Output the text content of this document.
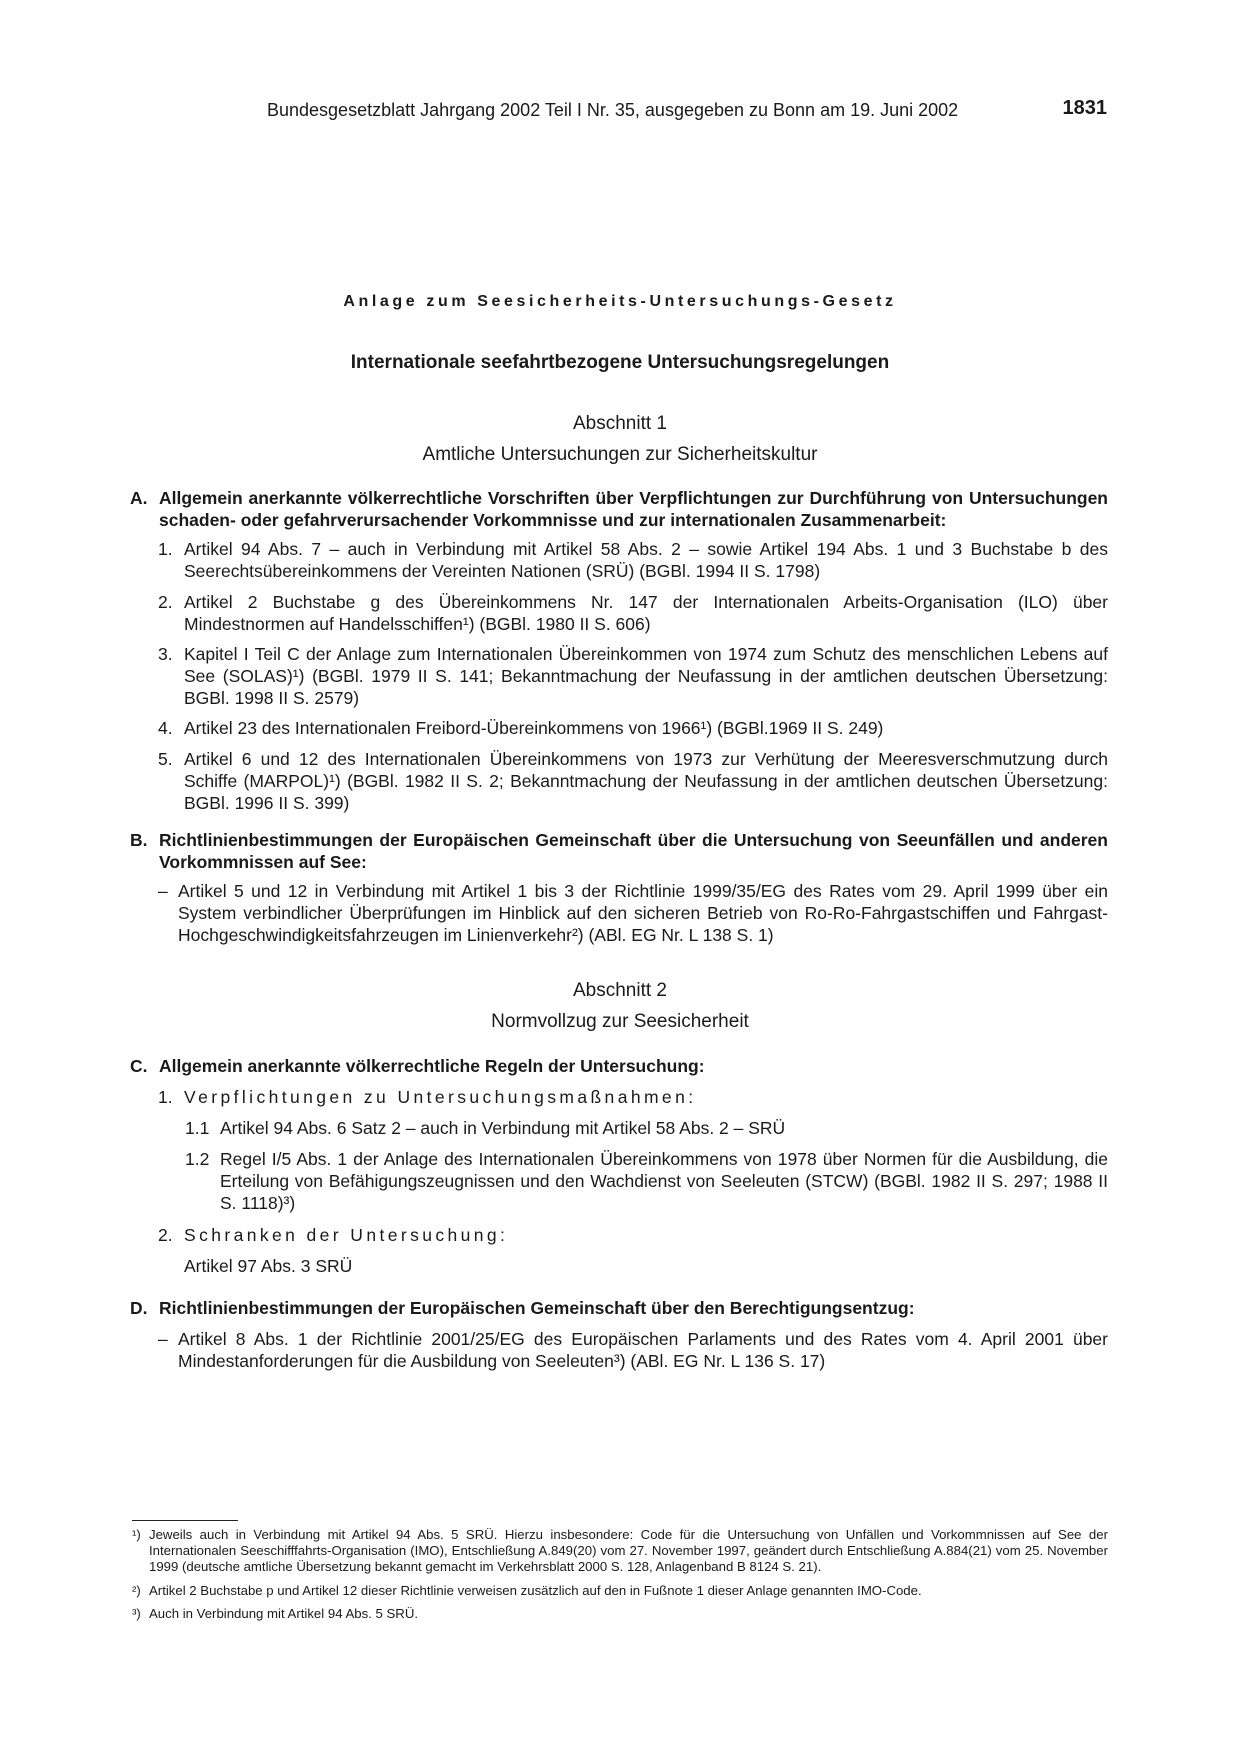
Bundesgesetzblatt Jahrgang 2002 Teil I Nr. 35, ausgegeben zu Bonn am 19. Juni 2002	1831
Anlage zum Seesicherheits-Untersuchungs-Gesetz
Internationale seefahrtbezogene Untersuchungsregelungen
Abschnitt 1
Amtliche Untersuchungen zur Sicherheitskultur
A. Allgemein anerkannte völkerrechtliche Vorschriften über Verpflichtungen zur Durchführung von Untersuchungen schaden- oder gefahrverursachender Vorkommnisse und zur internationalen Zusammenarbeit:
1. Artikel 94 Abs. 7 – auch in Verbindung mit Artikel 58 Abs. 2 – sowie Artikel 194 Abs. 1 und 3 Buchstabe b des Seerechtsübereinkommens der Vereinten Nationen (SRÜ) (BGBl. 1994 II S. 1798)
2. Artikel 2 Buchstabe g des Übereinkommens Nr. 147 der Internationalen Arbeits-Organisation (ILO) über Mindestnormen auf Handelsschiffen¹) (BGBl. 1980 II S. 606)
3. Kapitel I Teil C der Anlage zum Internationalen Übereinkommen von 1974 zum Schutz des menschlichen Lebens auf See (SOLAS)¹) (BGBl. 1979 II S. 141; Bekanntmachung der Neufassung in der amtlichen deutschen Übersetzung: BGBl. 1998 II S. 2579)
4. Artikel 23 des Internationalen Freibord-Übereinkommens von 1966¹) (BGBl.1969 II S. 249)
5. Artikel 6 und 12 des Internationalen Übereinkommens von 1973 zur Verhütung der Meeresverschmutzung durch Schiffe (MARPOL)¹) (BGBl. 1982 II S. 2; Bekanntmachung der Neufassung in der amtlichen deutschen Übersetzung: BGBl. 1996 II S. 399)
B. Richtlinienbestimmungen der Europäischen Gemeinschaft über die Untersuchung von Seeunfällen und anderen Vorkommnissen auf See:
– Artikel 5 und 12 in Verbindung mit Artikel 1 bis 3 der Richtlinie 1999/35/EG des Rates vom 29. April 1999 über ein System verbindlicher Überprüfungen im Hinblick auf den sicheren Betrieb von Ro-Ro-Fahrgastschiffen und Fahrgast-Hochgeschwindigkeitsfahrzeugen im Linienverkehr²) (ABl. EG Nr. L 138 S. 1)
Abschnitt 2
Normvollzug zur Seesicherheit
C. Allgemein anerkannte völkerrechtliche Regeln der Untersuchung:
1. Verpflichtungen zu Untersuchungsmaßnahmen:
1.1 Artikel 94 Abs. 6 Satz 2 – auch in Verbindung mit Artikel 58 Abs. 2 – SRÜ
1.2 Regel I/5 Abs. 1 der Anlage des Internationalen Übereinkommens von 1978 über Normen für die Ausbildung, die Erteilung von Befähigungszeugnissen und den Wachdienst von Seeleuten (STCW) (BGBl. 1982 II S. 297; 1988 II S. 1118)³)
2. Schranken der Untersuchung:
Artikel 97 Abs. 3 SRÜ
D. Richtlinienbestimmungen der Europäischen Gemeinschaft über den Berechtigungsentzug:
– Artikel 8 Abs. 1 der Richtlinie 2001/25/EG des Europäischen Parlaments und des Rates vom 4. April 2001 über Mindestanforderungen für die Ausbildung von Seeleuten³) (ABl. EG Nr. L 136 S. 17)
¹) Jeweils auch in Verbindung mit Artikel 94 Abs. 5 SRÜ. Hierzu insbesondere: Code für die Untersuchung von Unfällen und Vorkommnissen auf See der Internationalen Seeschifffahrts-Organisation (IMO), Entschließung A.849(20) vom 27. November 1997, geändert durch Entschließung A.884(21) vom 25. November 1999 (deutsche amtliche Übersetzung bekannt gemacht im Verkehrsblatt 2000 S. 128, Anlagenband B 8124 S. 21).
²) Artikel 2 Buchstabe p und Artikel 12 dieser Richtlinie verweisen zusätzlich auf den in Fußnote 1 dieser Anlage genannten IMO-Code.
³) Auch in Verbindung mit Artikel 94 Abs. 5 SRÜ.
